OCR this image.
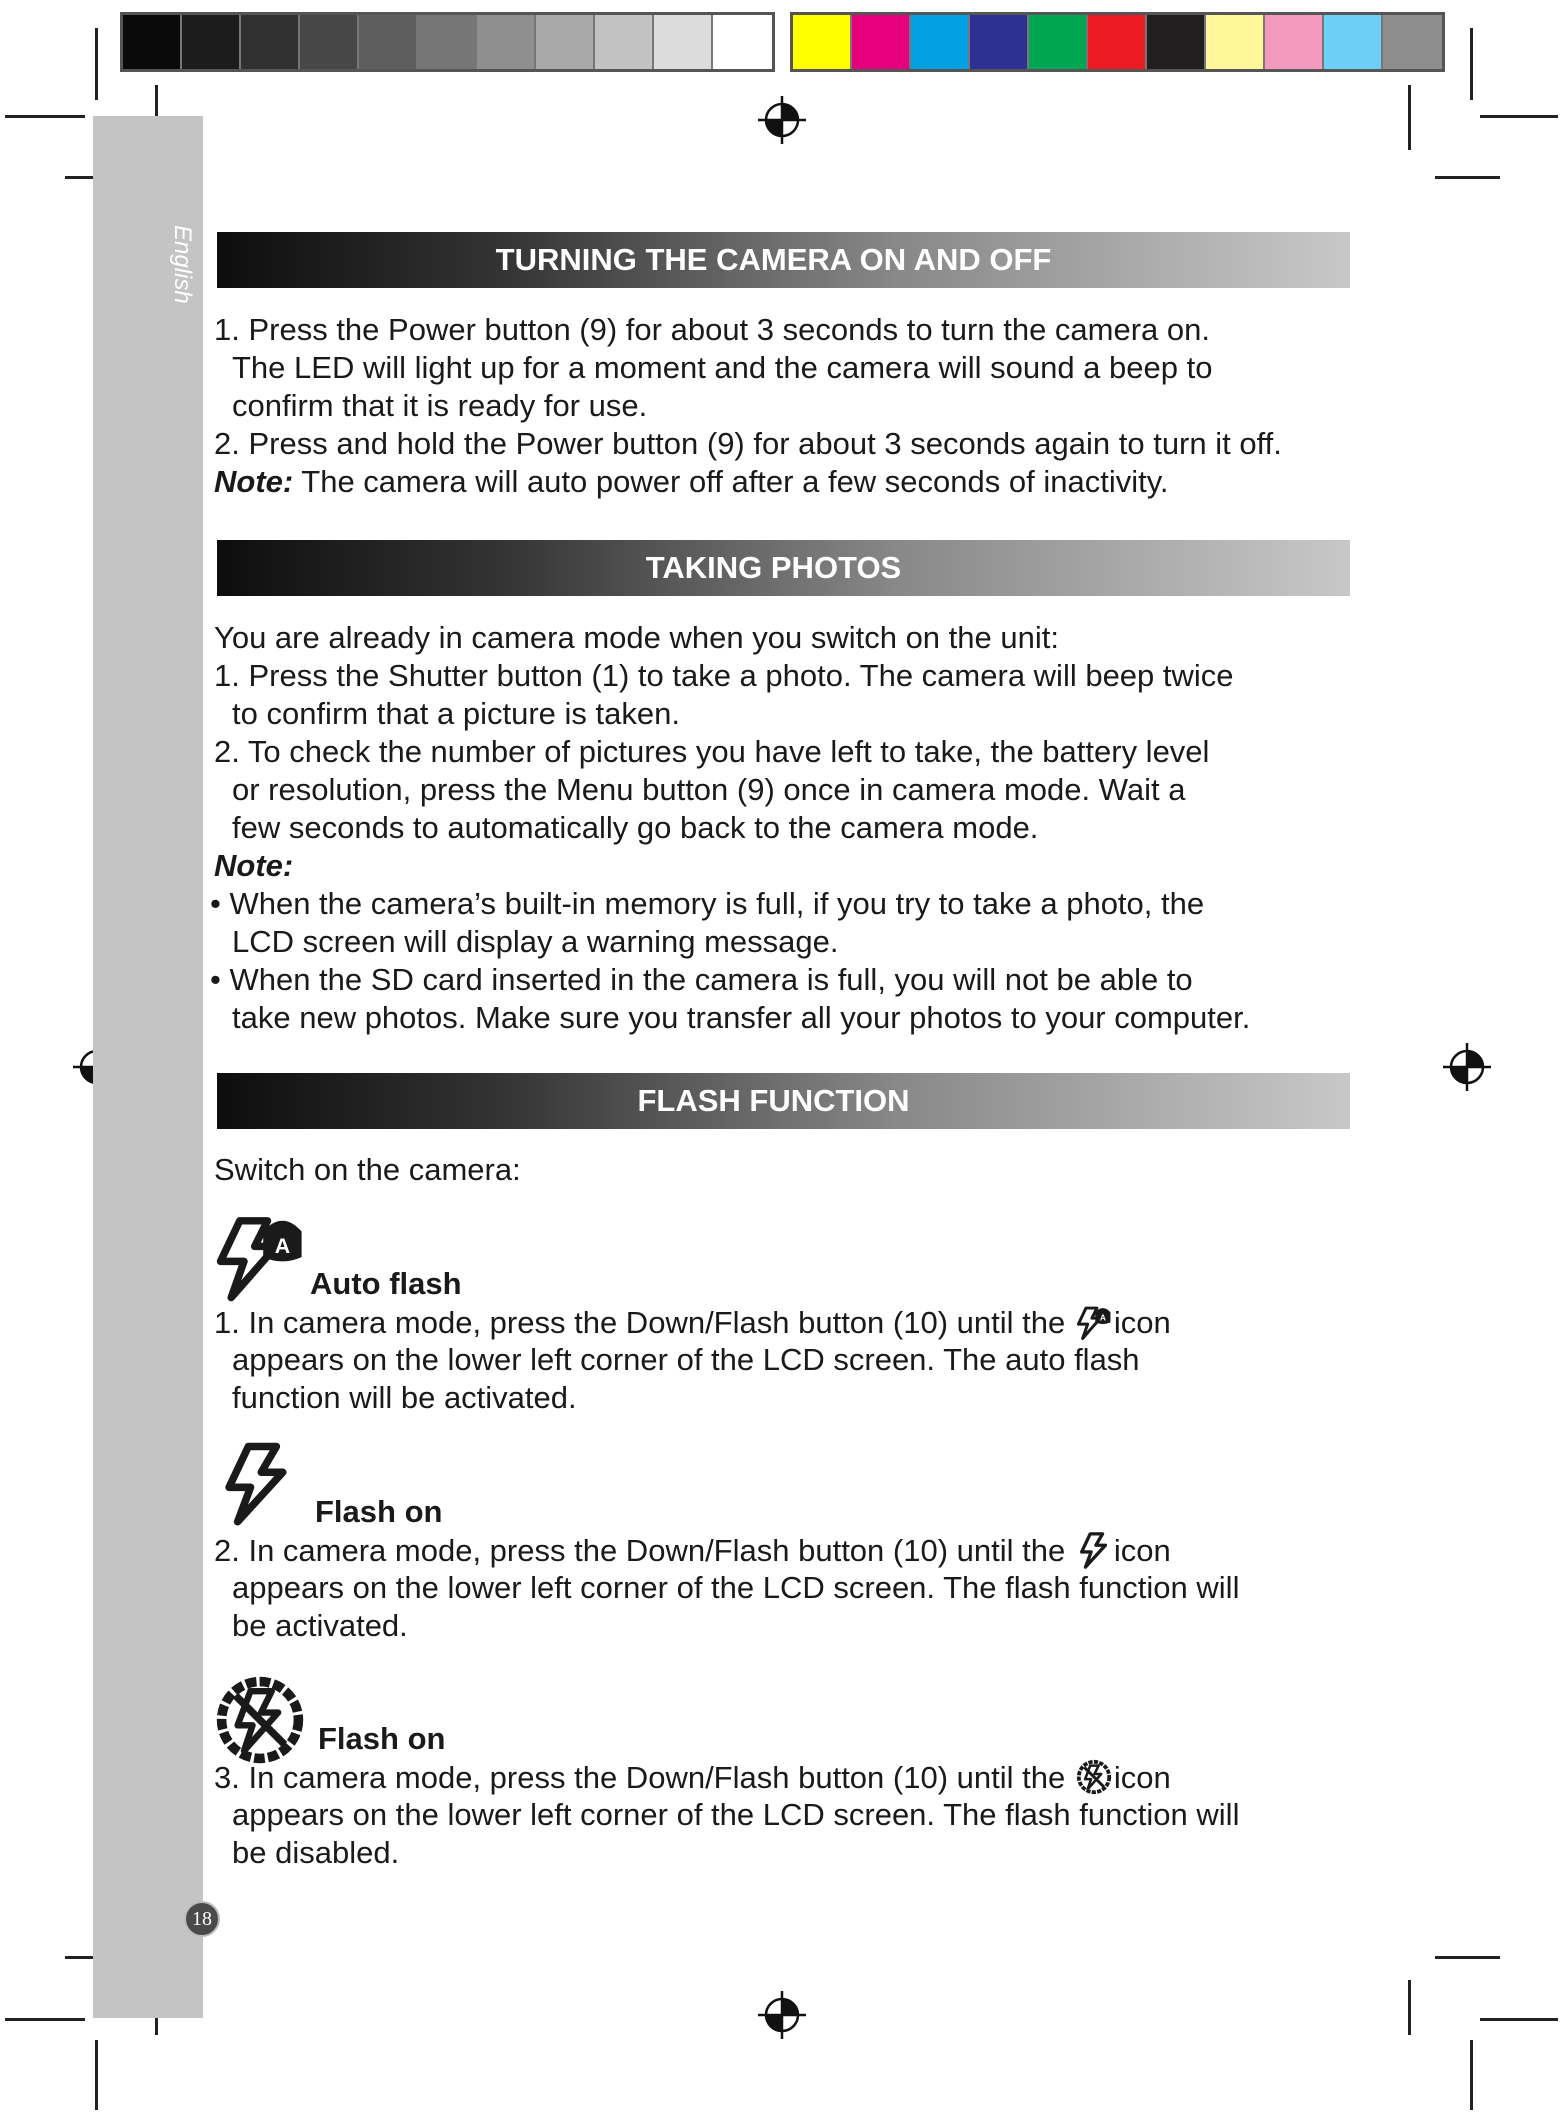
English
18
TURNING THE CAMERA ON AND OFF
1. Press the Power button (9) for about 3 seconds to turn the camera on.
The LED will light up for a moment and the camera will sound a beep to
confirm that it is ready for use.
2. Press and hold the Power button (9) for about 3 seconds again to turn it off.
Note: The camera will auto power off after a few seconds of inactivity.
TAKING PHOTOS
You are already in camera mode when you switch on the unit:
1. Press the Shutter button (1) to take a photo. The camera will beep twice
to confirm that a picture is taken.
2. To check the number of pictures you have left to take, the battery level
or resolution, press the Menu button (9) once in camera mode. Wait a
few seconds to automatically go back to the camera mode.
Note:
• When the camera’s built-in memory is full, if you try to take a photo, the
LCD screen will display a warning message.
• When the SD card inserted in the camera is full, you will not be able to
take new photos. Make sure you transfer all your photos to your computer.
FLASH FUNCTION
Switch on the camera:
Auto flash
1. In camera mode, press the Down/Flash button (10) until the icon
appears on the lower left corner of the LCD screen. The auto flash
function will be activated.
Flash on
2. In camera mode, press the Down/Flash button (10) until the icon
appears on the lower left corner of the LCD screen. The flash function will
be activated.
Flash on
3. In camera mode, press the Down/Flash button (10) until the icon
appears on the lower left corner of the LCD screen. The flash function will
be disabled.
